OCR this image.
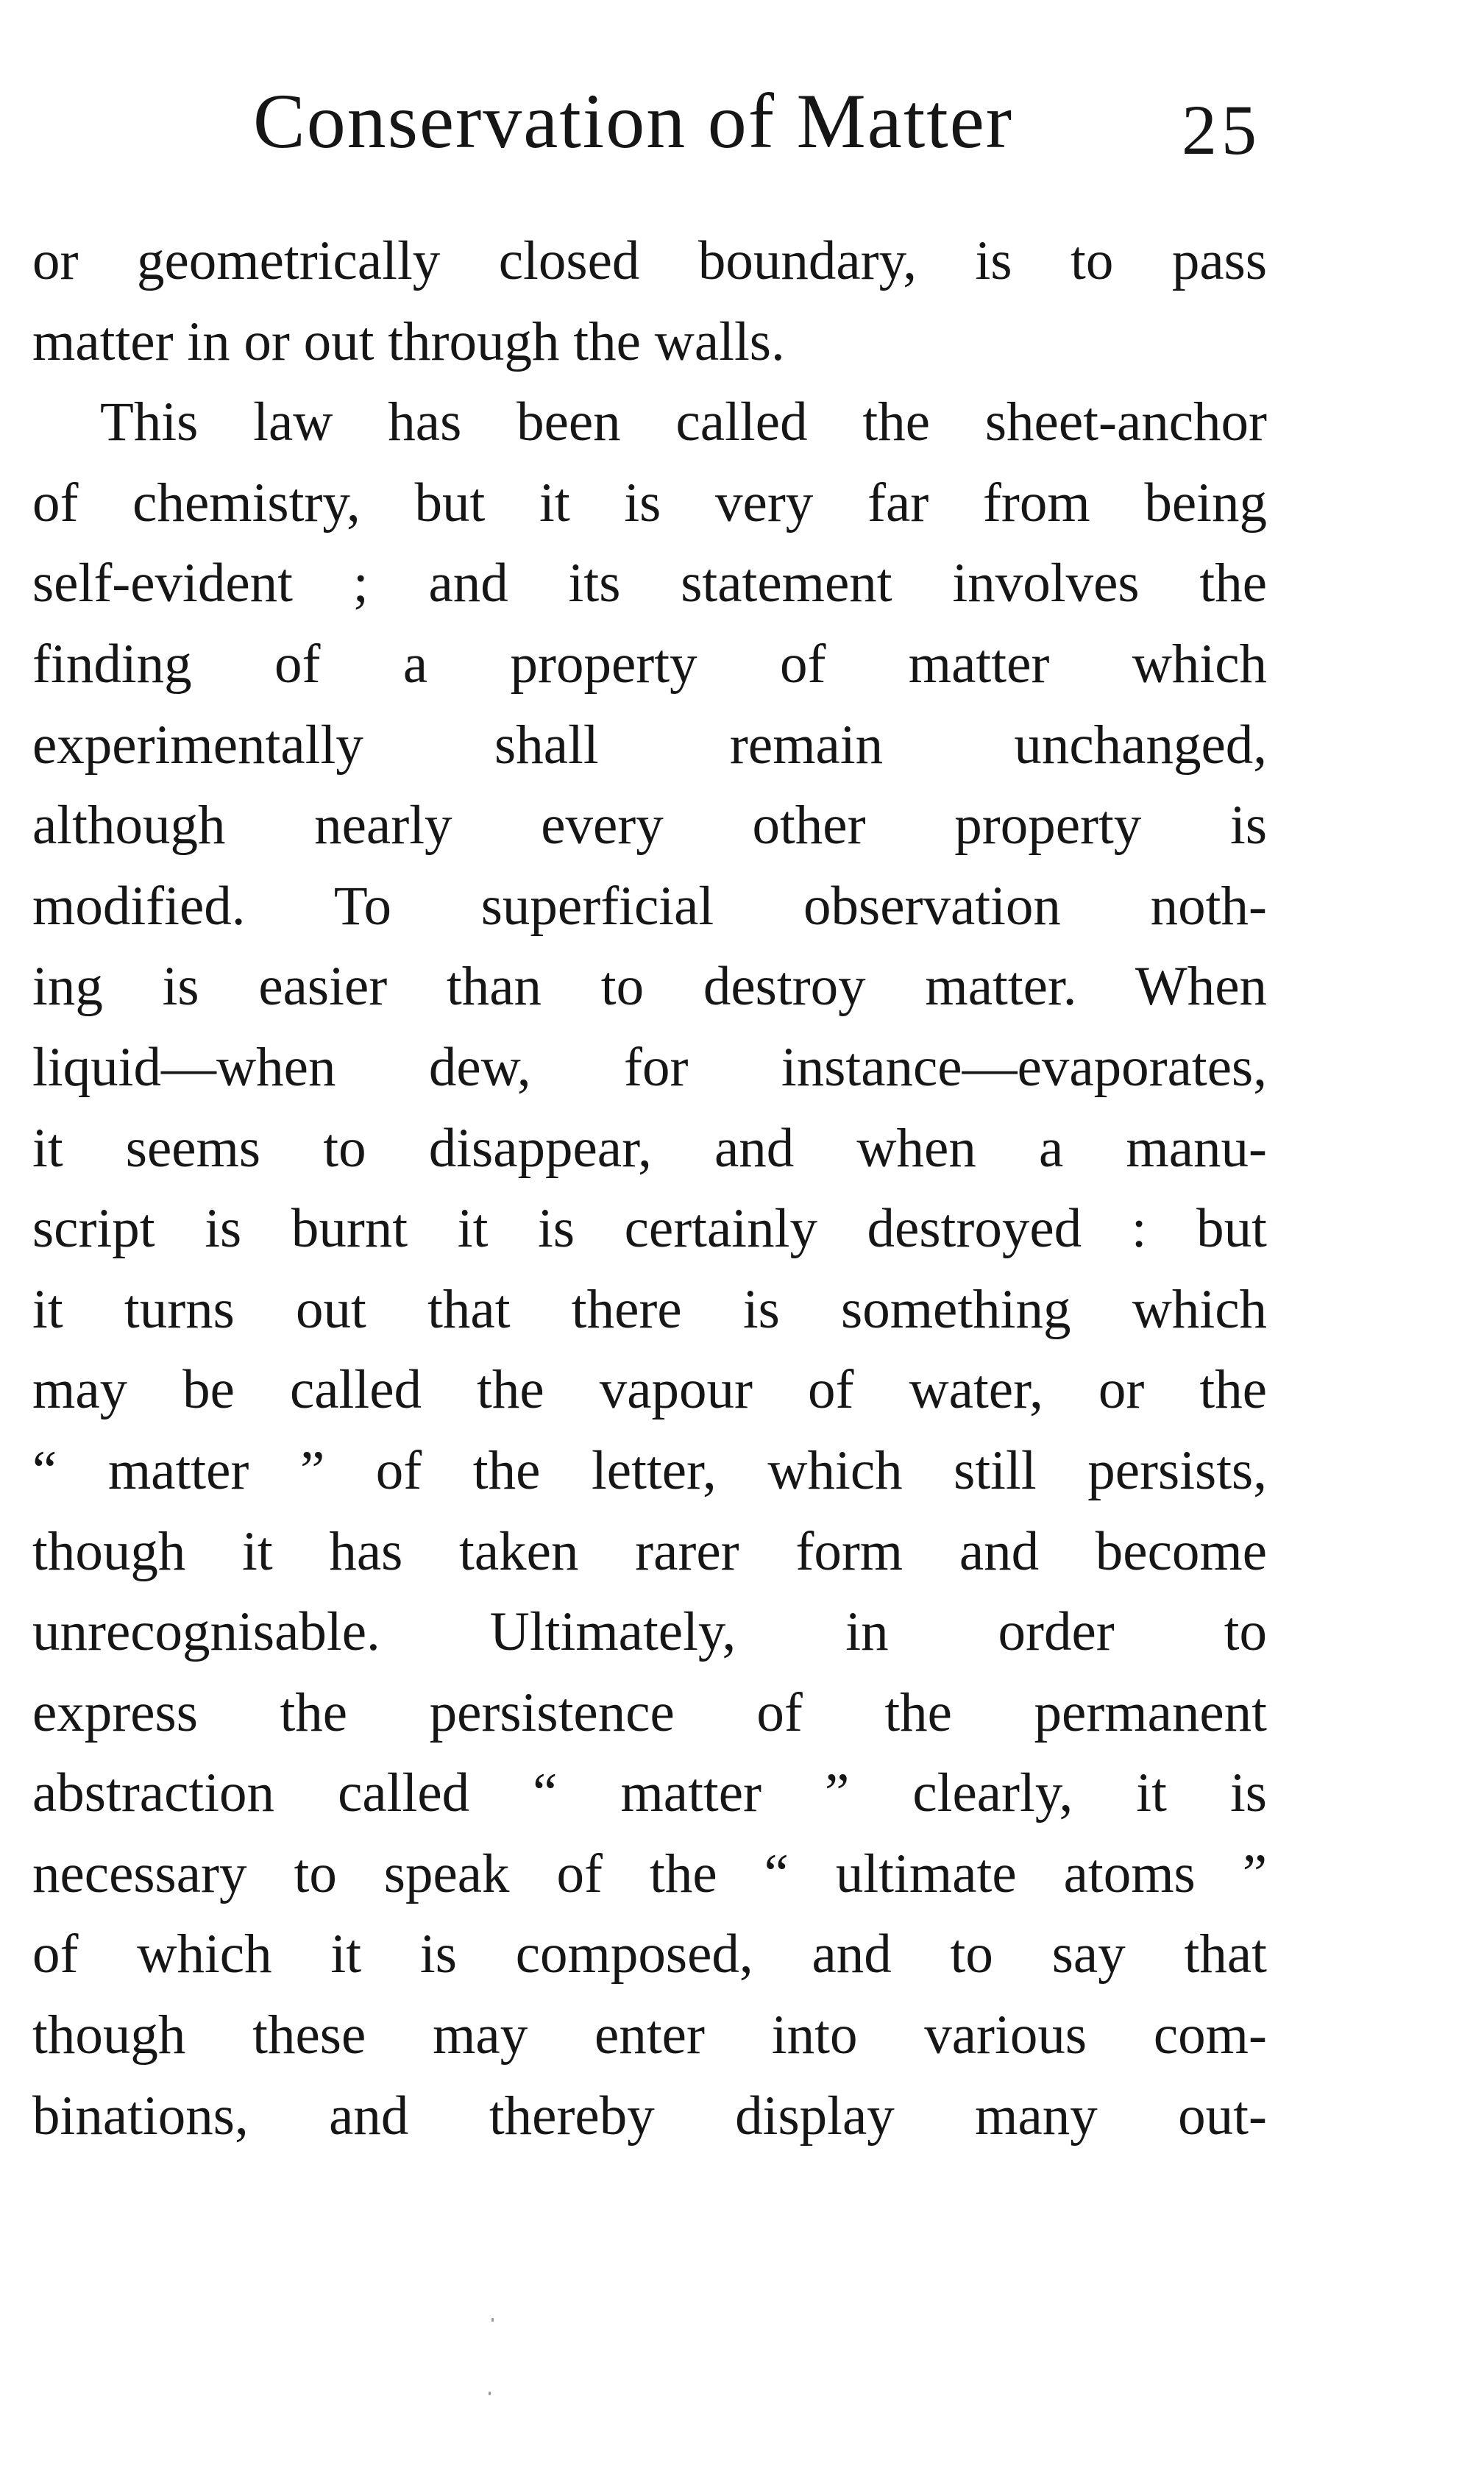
Conservation of Matter 25
or geometrically closed boundary, is to pass
matter in or out through the walls.
This law has been called the sheet-anchor
of chemistry, but it is very far from being
self-evident ; and its statement involves the
finding of a property of matter which
experimentally shall remain unchanged,
although nearly every other property is
modified. To superficial observation noth-
ing is easier than to destroy matter. When
liquid—when dew, for instance—evaporates,
it seems to disappear, and when a manu-
script is burnt it is certainly destroyed : but
it turns out that there is something which
may be called the vapour of water, or the
“ matter ” of the letter, which still persists,
though it has taken rarer form and become
unrecognisable. Ultimately, in order to
express the persistence of the permanent
abstraction called “ matter ” clearly, it is
necessary to speak of the “ ultimate atoms ”
of which it is composed, and to say that
though these may enter into various com-
binations, and thereby display many out-
